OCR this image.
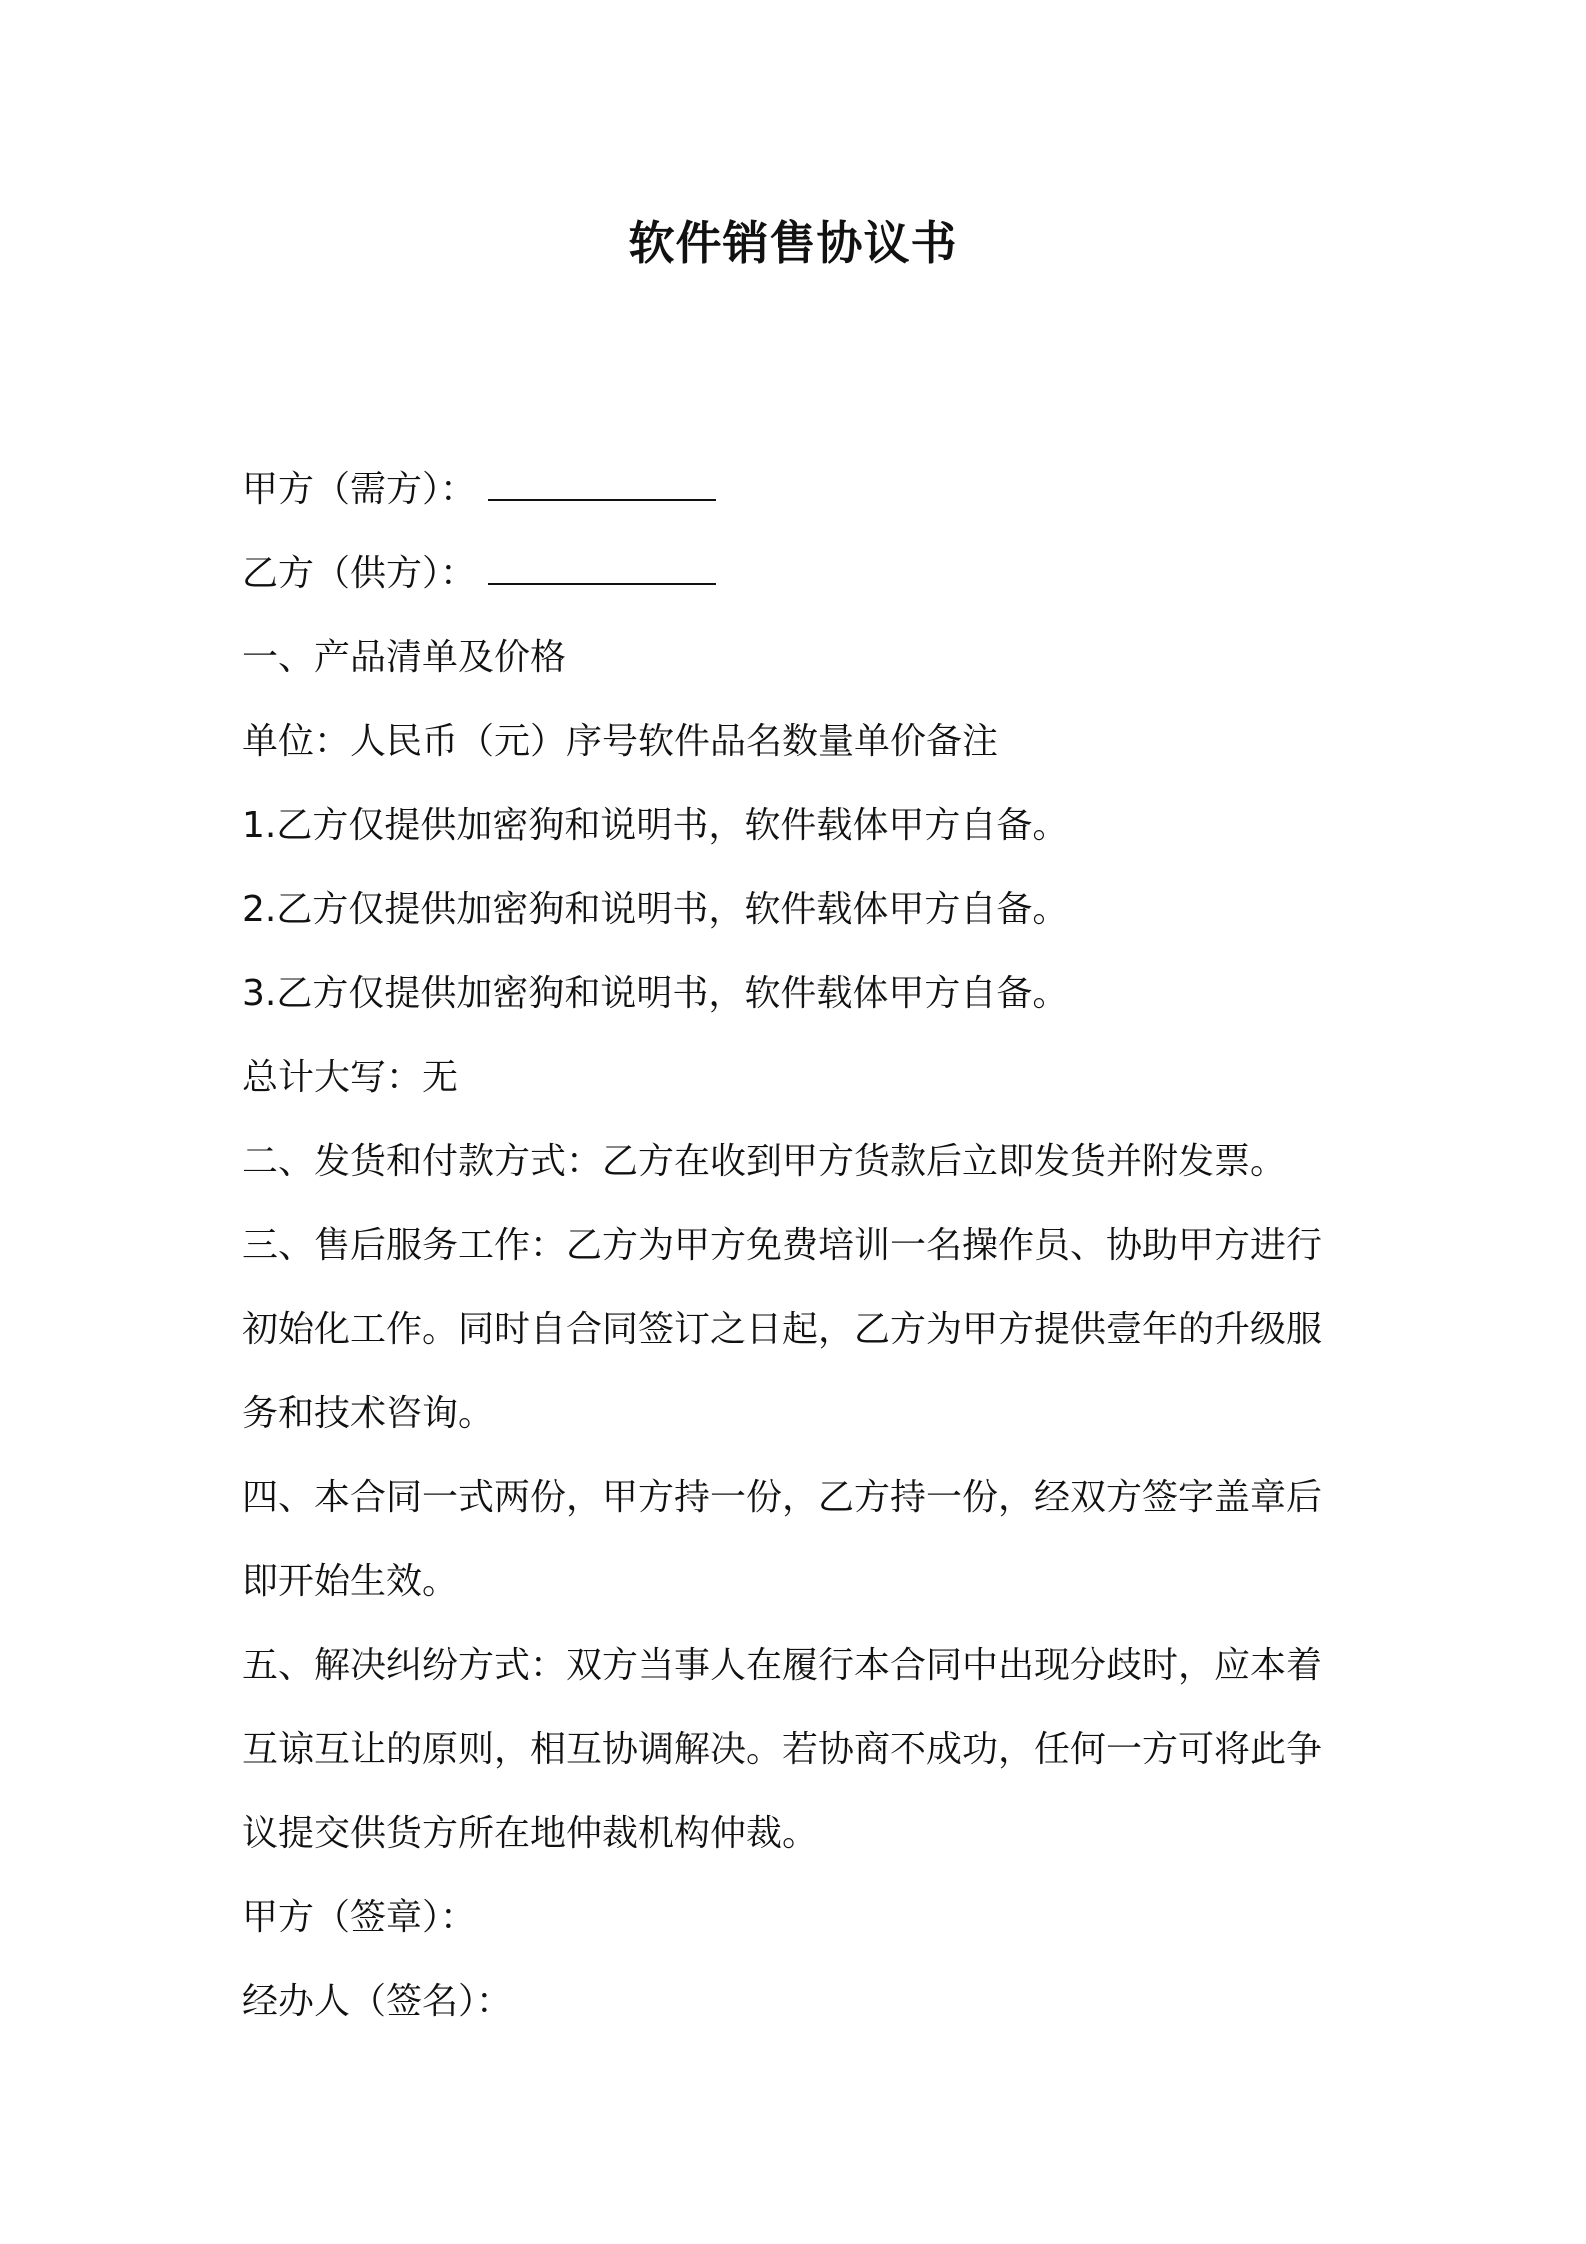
软件销售协议书
甲方（需方）：
乙方（供方）：
一、产品清单及价格
单位：人民币（元）序号软件品名数量单价备注
1.乙方仅提供加密狗和说明书，软件载体甲方自备。
2.乙方仅提供加密狗和说明书，软件载体甲方自备。
3.乙方仅提供加密狗和说明书，软件载体甲方自备。
总计大写：无
二、发货和付款方式：乙方在收到甲方货款后立即发货并附发票。
三、售后服务工作：乙方为甲方免费培训一名操作员、协助甲方进行
初始化工作。同时自合同签订之日起，乙方为甲方提供壹年的升级服
务和技术咨询。
四、本合同一式两份，甲方持一份，乙方持一份，经双方签字盖章后
即开始生效。
五、解决纠纷方式：双方当事人在履行本合同中出现分歧时，应本着
互谅互让的原则，相互协调解决。若协商不成功，任何一方可将此争
议提交供货方所在地仲裁机构仲裁。
甲方（签章）：
经办人（签名）：
